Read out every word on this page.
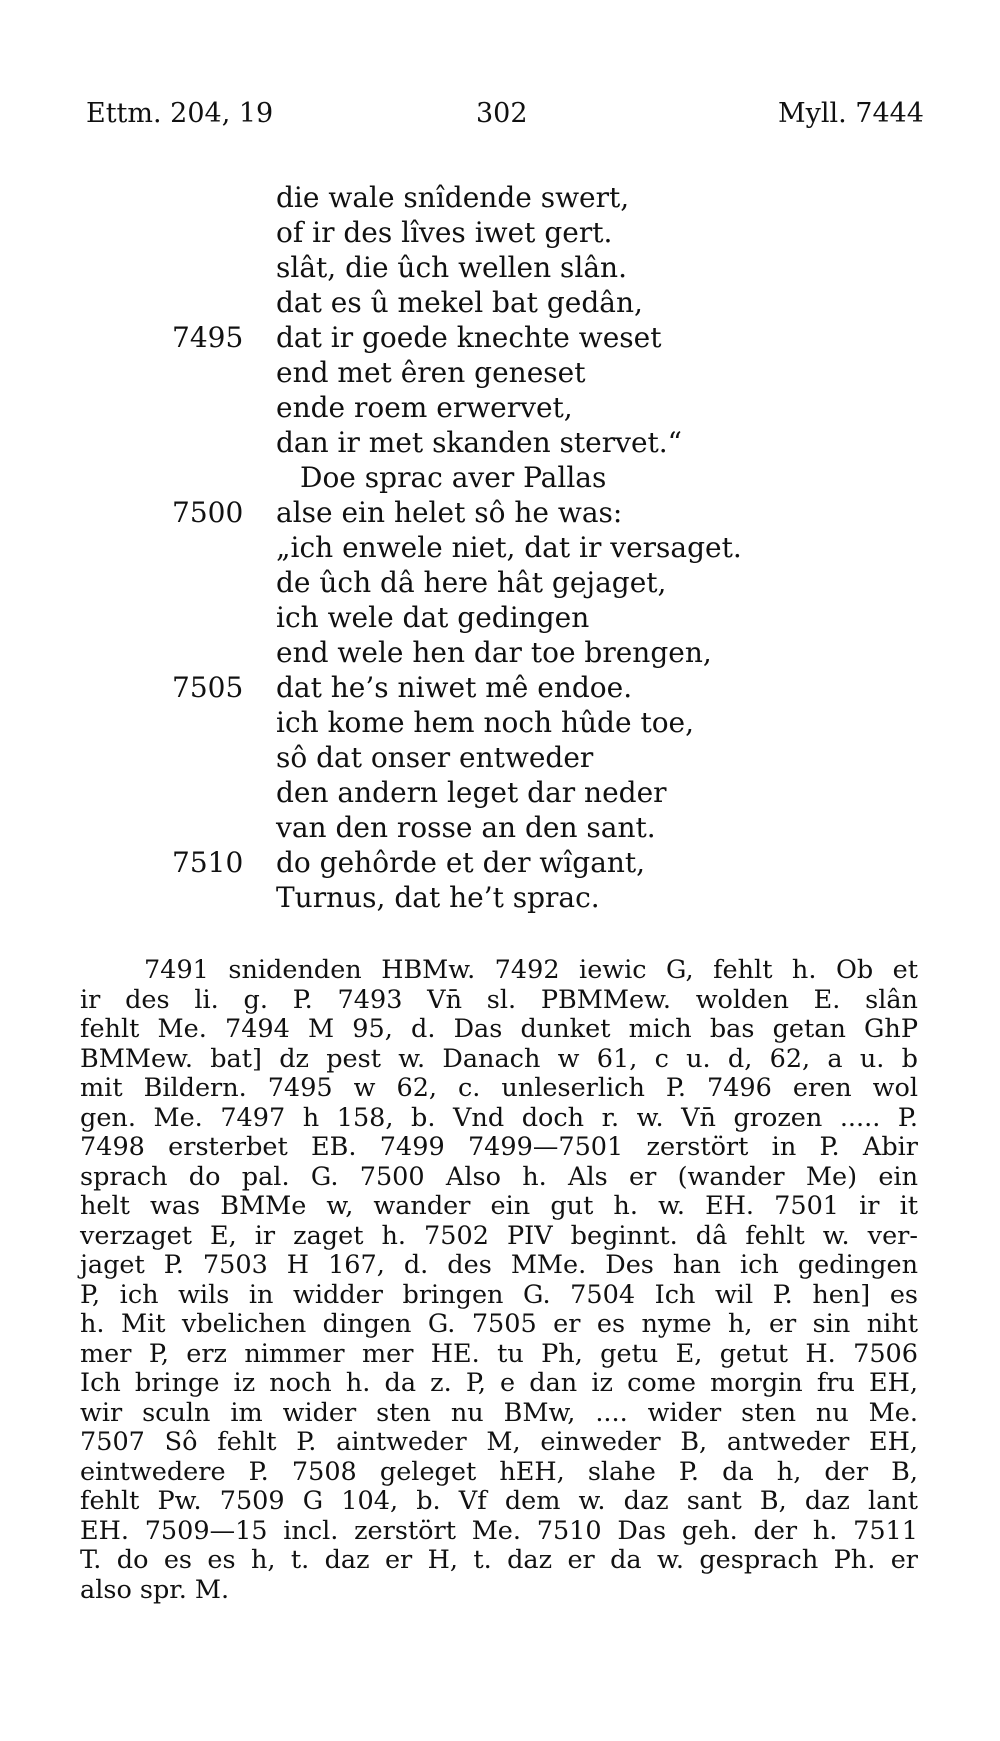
Ettm. 204, 19	302	Myll. 7444
die wale snîdende swert,
of ir des lîves iwet gert.
slât, die ûch wellen slân.
dat es û mekel bat gedân,
7495	dat ir goede knechte weset
end met êren geneset
ende roem erwervet,
dan ir met skanden stervet.“
Doe sprac aver Pallas
7500	alse ein helet sô he was:
„ich enwele niet, dat ir versaget.
de ûch dâ here hât gejaget,
ich wele dat gedingen
end wele hen dar toe brengen,
7505	dat he’s niwet mê endoe.
ich kome hem noch hûde toe,
sô dat onser entweder
den andern leget dar neder
van den rosse an den sant.
7510	do gehôrde et der wîgant,
Turnus, dat he’t sprac.
7491 snidenden HBMw. 7492 iewic G, fehlt h. Ob et
ir des li. g. P. 7493 Vn̄ sl. PBMMew. wolden E. slân
fehlt Me. 7494 M 95, d. Das dunket mich bas getan GhP
BMMew. bat] dz pest w. Danach w 61, c u. d, 62, a u. b
mit Bildern. 7495 w 62, c. unleserlich P. 7496 eren wol
gen. Me. 7497 h 158, b. Vnd doch r. w. Vn̄ grozen ..... P.
7498 ersterbet EB. 7499 7499—7501 zerstört in P. Abir
sprach do pal. G. 7500 Also h. Als er (wander Me) ein
helt was BMMe w, wander ein gut h. w. EH. 7501 ir it
verzaget E, ir zaget h. 7502 PIV beginnt. dâ fehlt w. ver-
jaget P. 7503 H 167, d. des MMe. Des han ich gedingen
P, ich wils in widder bringen G. 7504 Ich wil P. hen] es
h. Mit vbelichen dingen G. 7505 er es nyme h, er sin niht
mer P, erz nimmer mer HE. tu Ph, getu E, getut H. 7506
Ich bringe iz noch h. da z. P, e dan iz come morgin fru EH,
wir sculn im wider sten nu BMw, .... wider sten nu Me.
7507 Sô fehlt P. aintweder M, einweder B, antweder EH,
eintwedere P. 7508 geleget hEH, slahe P. da h, der B,
fehlt Pw. 7509 G 104, b. Vf dem w. daz sant B, daz lant
EH. 7509—15 incl. zerstört Me. 7510 Das geh. der h. 7511
T. do es es h, t. daz er H, t. daz er da w. gesprach Ph. er
also spr. M.
